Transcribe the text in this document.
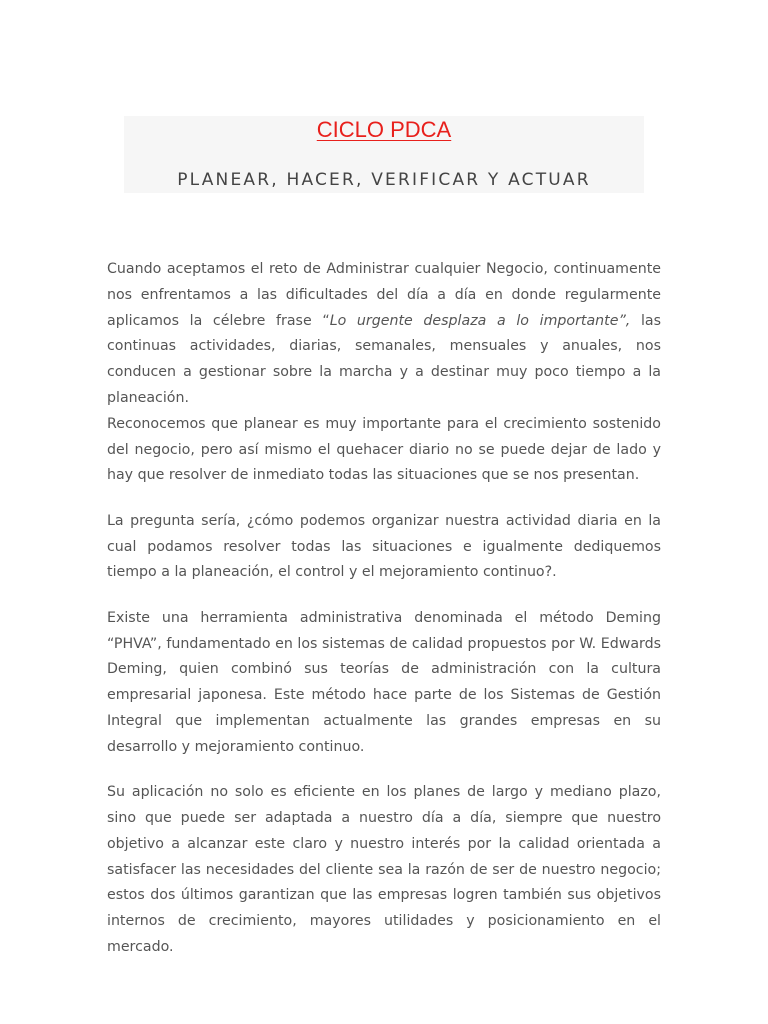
CICLO PDCA
PLANEAR, HACER, VERIFICAR Y ACTUAR

Cuando aceptamos el reto de Administrar cualquier Negocio, continuamente nos enfrentamos a las dificultades del día a día en donde regularmente aplicamos la célebre frase “Lo urgente desplaza a lo importante”, las continuas actividades, diarias, semanales, mensuales y anuales, nos conducen a gestionar sobre la marcha y a destinar muy poco tiempo a la planeación.

Reconocemos que planear es muy importante para el crecimiento sostenido del negocio, pero así mismo el quehacer diario no se puede dejar de lado y hay que resolver de inmediato todas las situaciones que se nos presentan.

La pregunta sería, ¿cómo podemos organizar nuestra actividad diaria en la cual podamos resolver todas las situaciones e igualmente dediquemos tiempo a la planeación, el control y el mejoramiento continuo?.

Existe una herramienta administrativa denominada el método Deming “PHVA”, fundamentado en los sistemas de calidad propuestos por W. Edwards Deming, quien combinó sus teorías de administración con la cultura empresarial japonesa. Este método hace parte de los Sistemas de Gestión Integral que implementan actualmente las grandes empresas en su desarrollo y mejoramiento continuo.

Su aplicación no solo es eficiente en los planes de largo y mediano plazo, sino que puede ser adaptada a nuestro día a día, siempre que nuestro objetivo a alcanzar este claro y nuestro interés por la calidad orientada a satisfacer las necesidades del cliente sea la razón de ser de nuestro negocio; estos dos últimos garantizan que las empresas logren también sus objetivos internos de crecimiento, mayores utilidades y posicionamiento en el mercado.
